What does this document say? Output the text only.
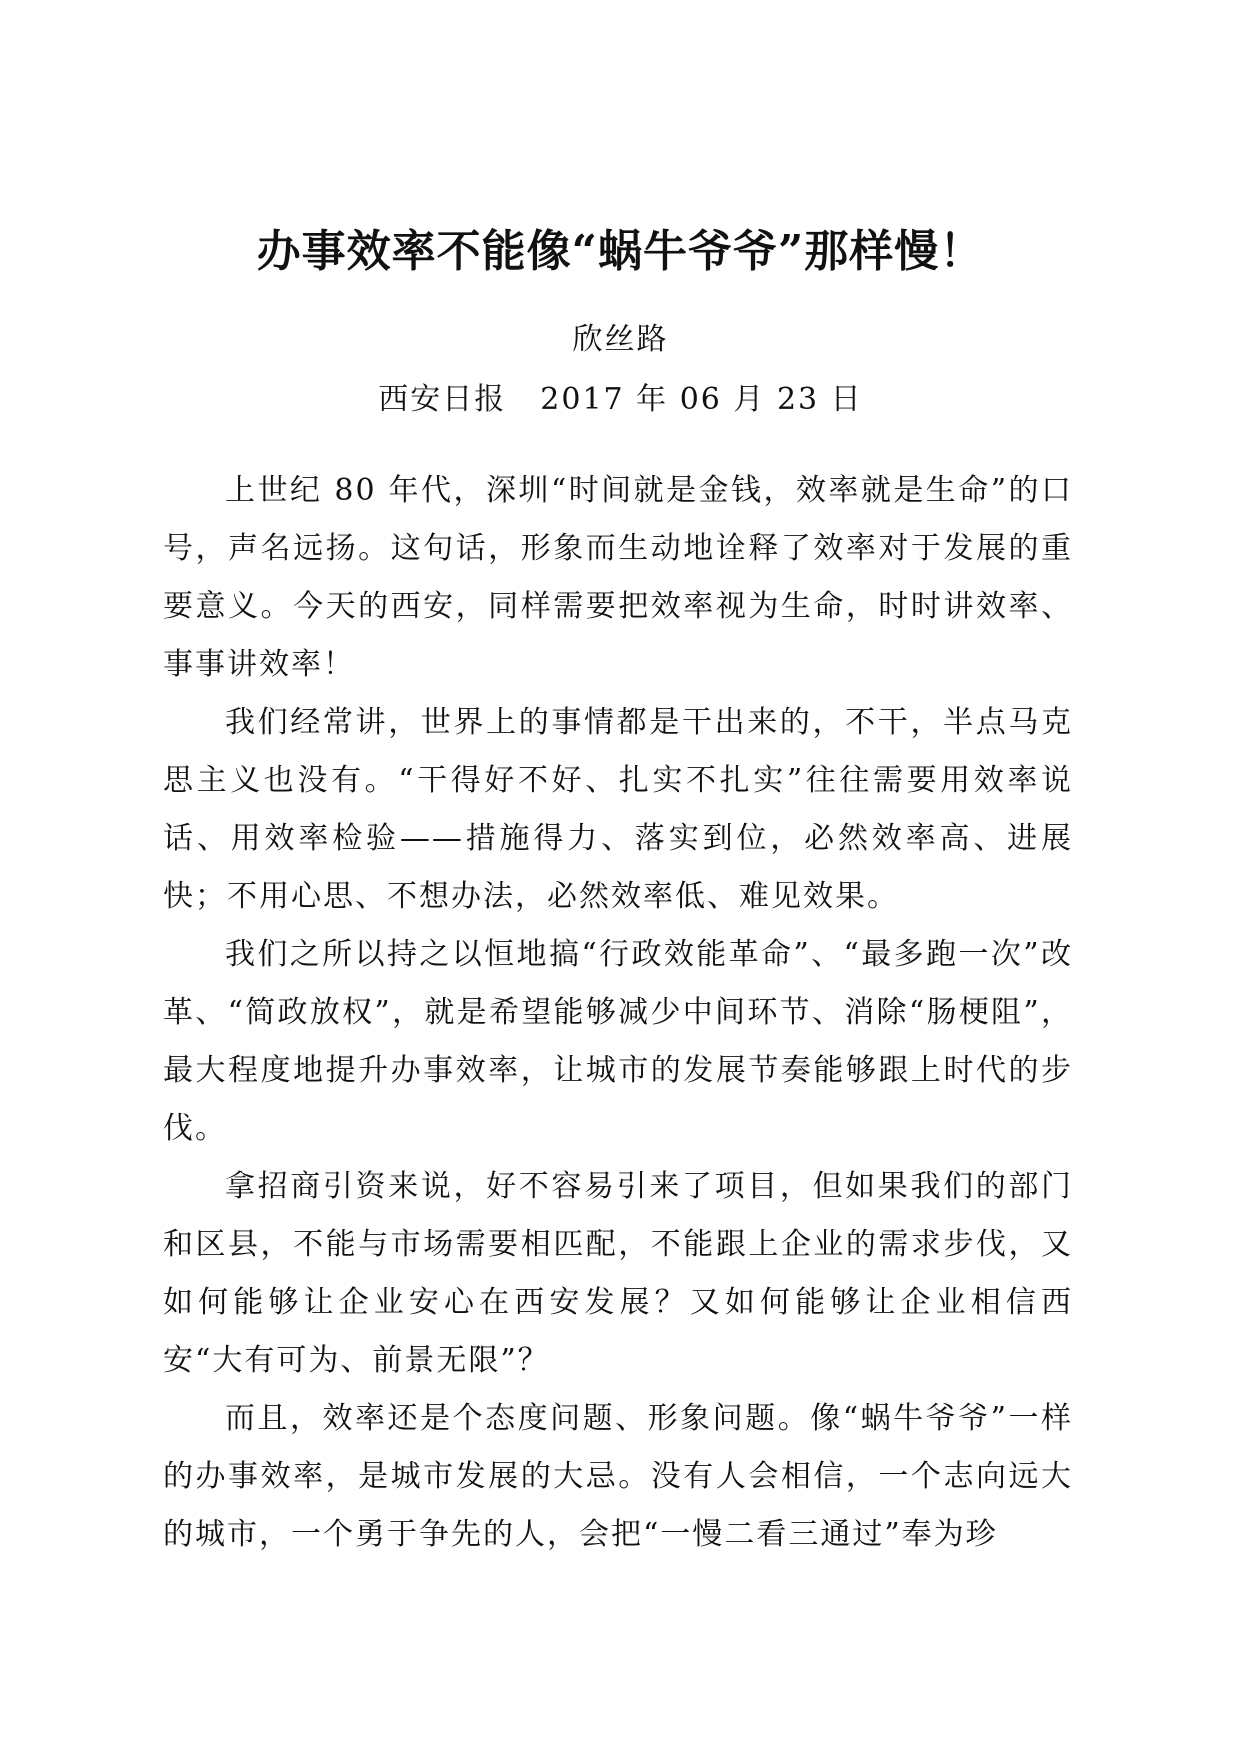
办事效率不能像“蜗牛爷爷”那样慢！
欣丝路
西安日报 2017 年 06 月 23 日

上世纪 80 年代，深圳“时间就是金钱，效率就是生命”的口号，声名远扬。这句话，形象而生动地诠释了效率对于发展的重要意义。今天的西安，同样需要把效率视为生命，时时讲效率、事事讲效率！

我们经常讲，世界上的事情都是干出来的，不干，半点马克思主义也没有。“干得好不好、扎实不扎实”往往需要用效率说话、用效率检验——措施得力、落实到位，必然效率高、进展快；不用心思、不想办法，必然效率低、难见效果。

我们之所以持之以恒地搞“行政效能革命”、“最多跑一次”改革、“简政放权”，就是希望能够减少中间环节、消除“肠梗阻”，最大程度地提升办事效率，让城市的发展节奏能够跟上时代的步伐。

拿招商引资来说，好不容易引来了项目，但如果我们的部门和区县，不能与市场需要相匹配，不能跟上企业的需求步伐，又如何能够让企业安心在西安发展？又如何能够让企业相信西安“大有可为、前景无限”？

而且，效率还是个态度问题、形象问题。像“蜗牛爷爷”一样的办事效率，是城市发展的大忌。没有人会相信，一个志向远大的城市，一个勇于争先的人，会把“一慢二看三通过”奉为珍
